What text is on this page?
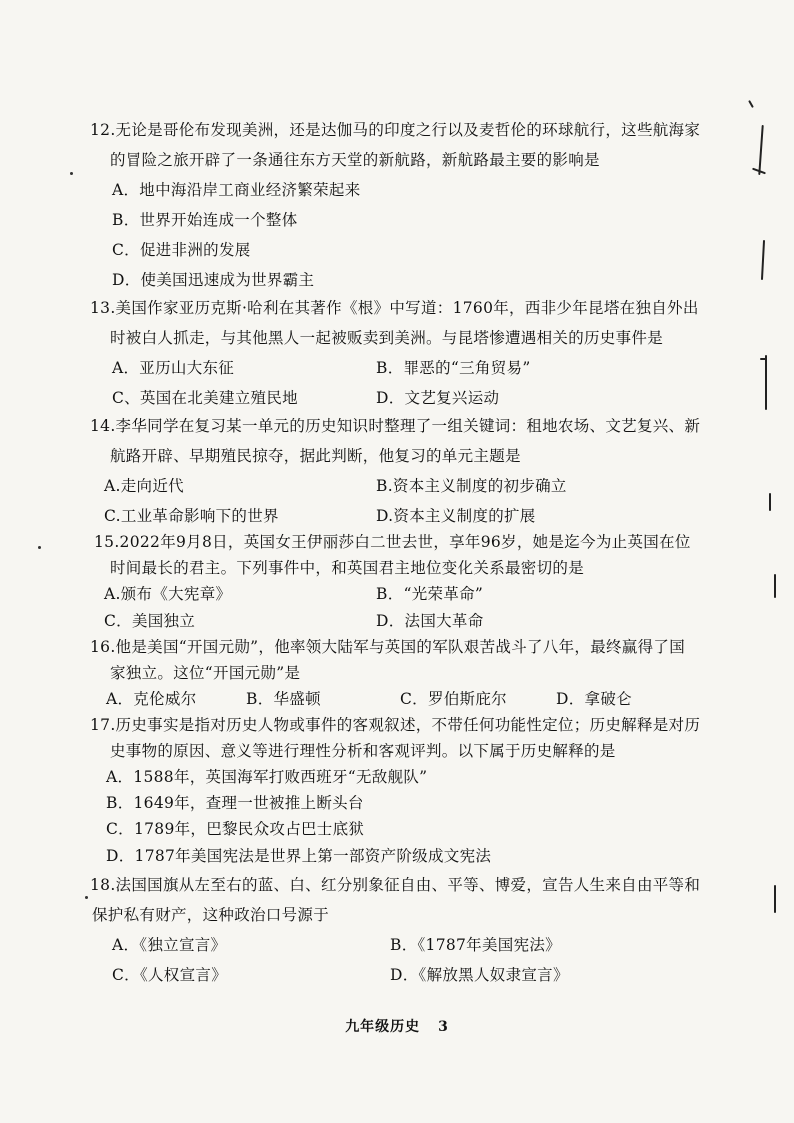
12.无论是哥伦布发现美洲，还是达伽马的印度之行以及麦哲伦的环球航行，这些航海家
的冒险之旅开辟了一条通往东方天堂的新航路，新航路最主要的影响是
A．地中海沿岸工商业经济繁荣起来
B．世界开始连成一个整体
C．促进非洲的发展
D．使美国迅速成为世界霸主
13.美国作家亚历克斯·哈利在其著作《根》中写道：1760年，西非少年昆塔在独自外出
时被白人抓走，与其他黑人一起被贩卖到美洲。与昆塔惨遭遇相关的历史事件是
A．亚历山大东征	B．罪恶的“三角贸易”
C、英国在北美建立殖民地	D．文艺复兴运动
14.李华同学在复习某一单元的历史知识时整理了一组关键词：租地农场、文艺复兴、新
航路开辟、早期殖民掠夺，据此判断，他复习的单元主题是
A.走向近代	B.资本主义制度的初步确立
C.工业革命影响下的世界	D.资本主义制度的扩展
15.2022年9月8日，英国女王伊丽莎白二世去世，享年96岁，她是迄今为止英国在位
时间最长的君主。下列事件中，和英国君主地位变化关系最密切的是
A.颁布《大宪章》	B．“光荣革命”
C．美国独立	D．法国大革命
16.他是美国“开国元勋”，他率领大陆军与英国的军队艰苦战斗了八年，最终赢得了国
家独立。这位“开国元勋”是
A．克伦威尔	B．华盛顿	C．罗伯斯庇尔	D．拿破仑
17.历史事实是指对历史人物或事件的客观叙述，不带任何功能性定位；历史解释是对历
史事物的原因、意义等进行理性分析和客观评判。以下属于历史解释的是
A．1588年，英国海军打败西班牙“无敌舰队”
B．1649年，查理一世被推上断头台
C．1789年，巴黎民众攻占巴士底狱
D．1787年美国宪法是世界上第一部资产阶级成文宪法
18.法国国旗从左至右的蓝、白、红分别象征自由、平等、博爱，宣告人生来自由平等和
保护私有财产，这种政治口号源于
A．《独立宣言》	B．《1787年美国宪法》
C．《人权宣言》	D．《解放黑人奴隶宣言》
九年级历史 3
